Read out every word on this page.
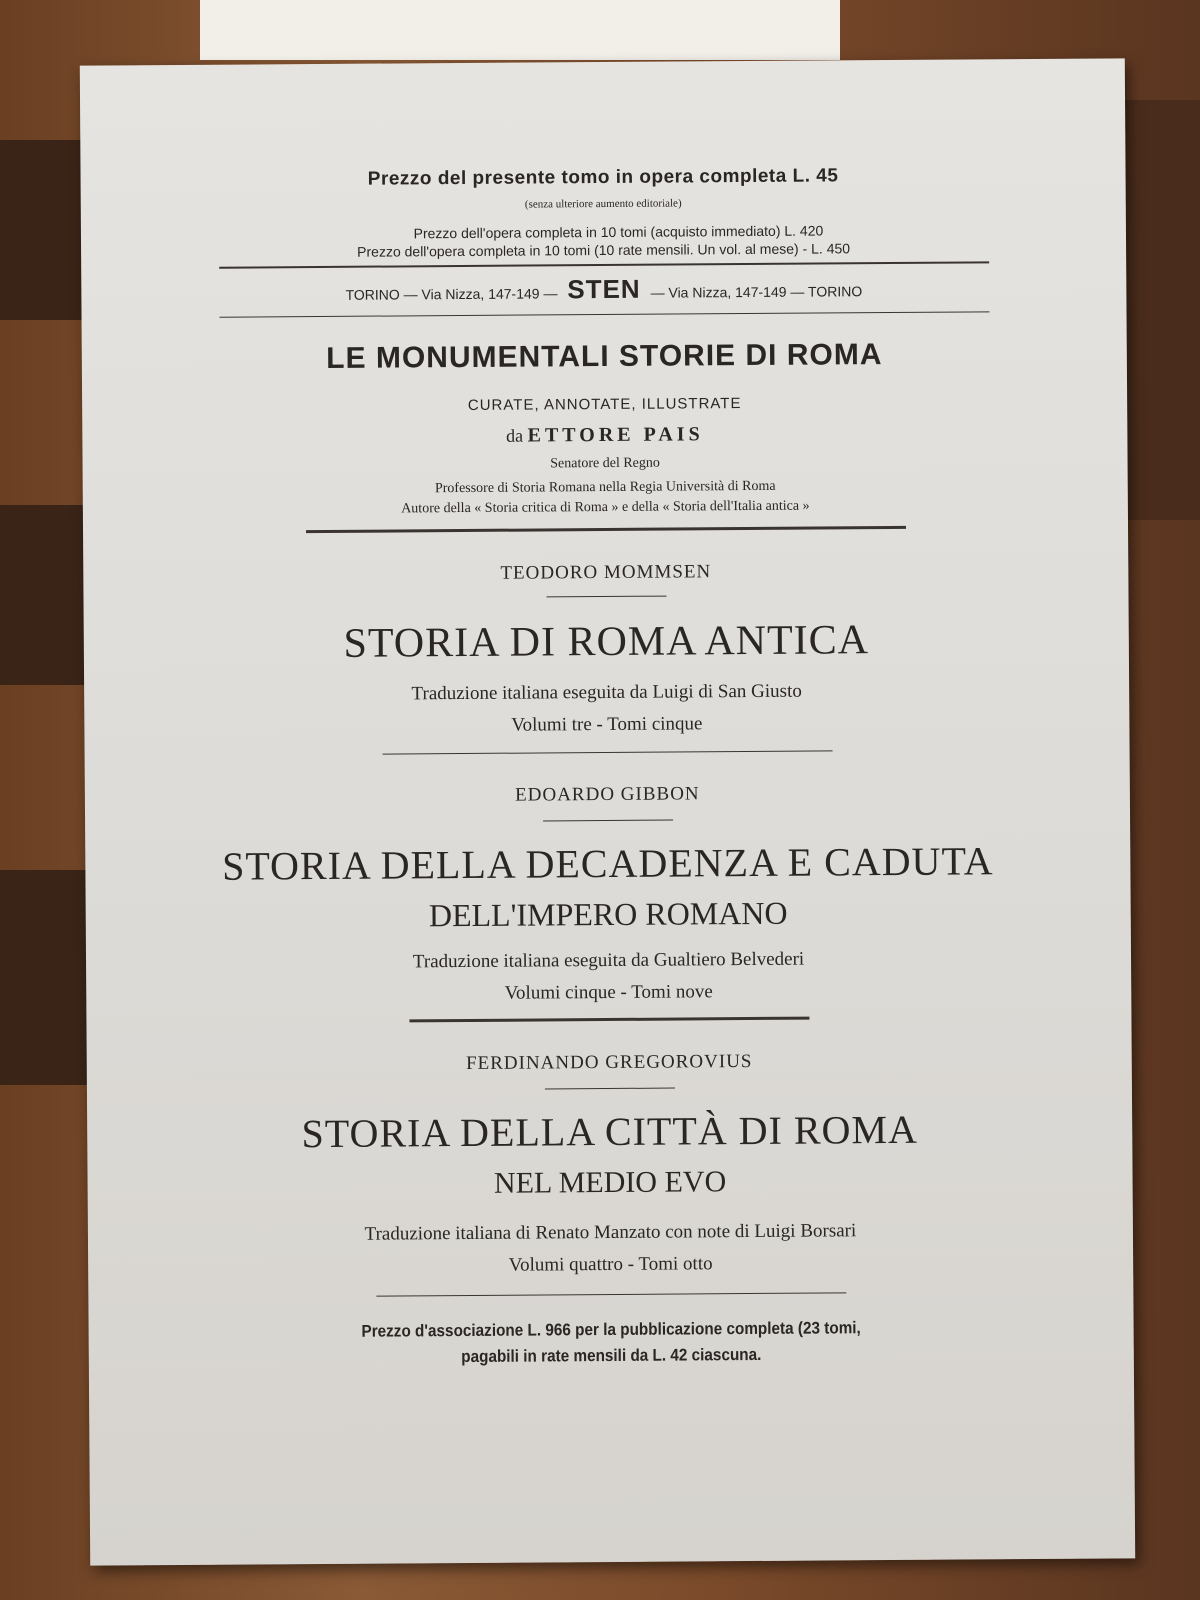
Prezzo del presente tomo in opera completa L. 45
(senza ulteriore aumento editoriale)
Prezzo dell'opera completa in 10 tomi (acquisto immediato) L. 420
Prezzo dell'opera completa in 10 tomi (10 rate mensili. Un vol. al mese) - L. 450
TORINO — Via Nizza, 147-149 — STEN — Via Nizza, 147-149 — TORINO
LE MONUMENTALI STORIE DI ROMA
CURATE, ANNOTATE, ILLUSTRATE
da ETTORE PAIS
Senatore del Regno
Professore di Storia Romana nella Regia Università di Roma
Autore della « Storia critica di Roma » e della « Storia dell'Italia antica »
TEODORO MOMMSEN
STORIA DI ROMA ANTICA
Traduzione italiana eseguita da Luigi di San Giusto
Volumi tre - Tomi cinque
EDOARDO GIBBON
STORIA DELLA DECADENZA E CADUTA
DELL'IMPERO ROMANO
Traduzione italiana eseguita da Gualtiero Belvederi
Volumi cinque - Tomi nove
FERDINANDO GREGOROVIUS
STORIA DELLA CITTÀ DI ROMA
NEL MEDIO EVO
Traduzione italiana di Renato Manzato con note di Luigi Borsari
Volumi quattro - Tomi otto
Prezzo d'associazione L. 966 per la pubblicazione completa (23 tomi,
pagabili in rate mensili da L. 42 ciascuna.
